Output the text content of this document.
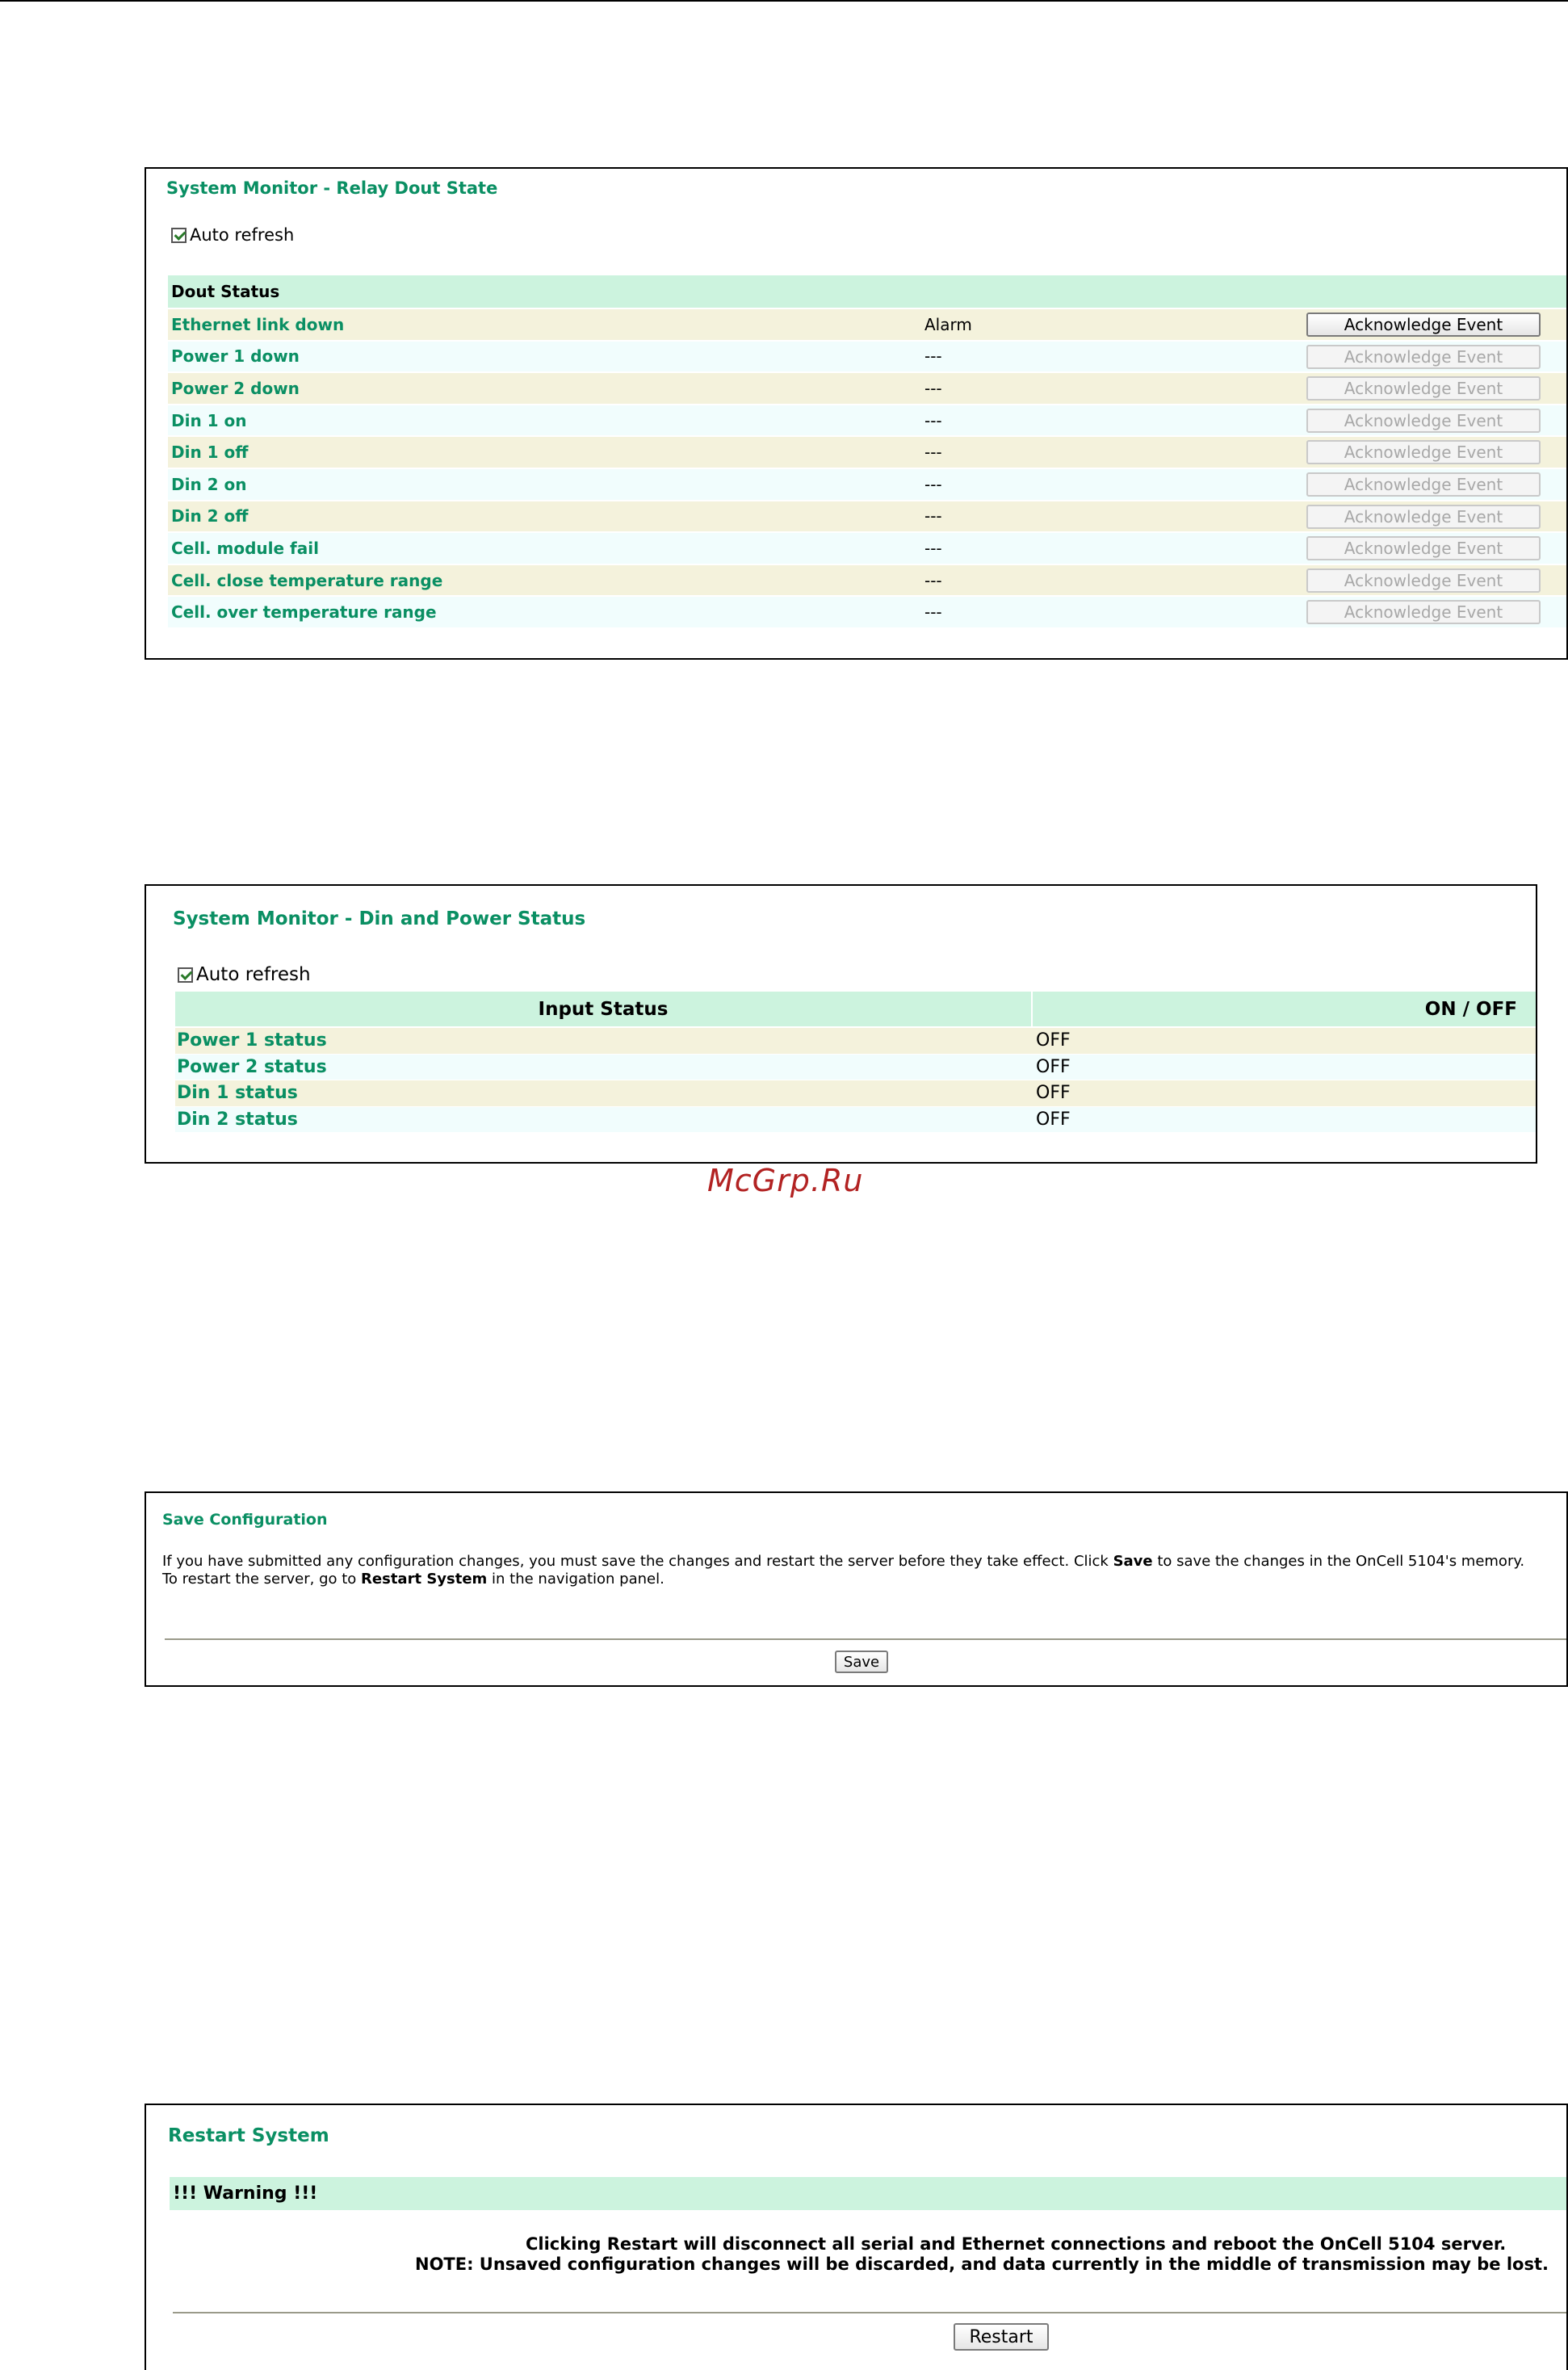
System Monitor - Relay Dout State
Auto refresh
Dout Status
Ethernet link down	Alarm	Acknowledge Event
Power 1 down	---	Acknowledge Event
Power 2 down	---	Acknowledge Event
Din 1 on	---	Acknowledge Event
Din 1 off	---	Acknowledge Event
Din 2 on	---	Acknowledge Event
Din 2 off	---	Acknowledge Event
Cell. module fail	---	Acknowledge Event
Cell. close temperature range	---	Acknowledge Event
Cell. over temperature range	---	Acknowledge Event
System Monitor - Din and Power Status
Auto refresh
Input Status	ON / OFF
Power 1 status	OFF
Power 2 status	OFF
Din 1 status	OFF
Din 2 status	OFF
McGrp.Ru
Save Configuration
If you have submitted any configuration changes, you must save the changes and restart the server before they take effect. Click Save to save the changes in the OnCell 5104's memory.
To restart the server, go to Restart System in the navigation panel.
Save
Restart System
!!! Warning !!!
Clicking Restart will disconnect all serial and Ethernet connections and reboot the OnCell 5104 server.
NOTE: Unsaved configuration changes will be discarded, and data currently in the middle of transmission may be lost.
Restart
